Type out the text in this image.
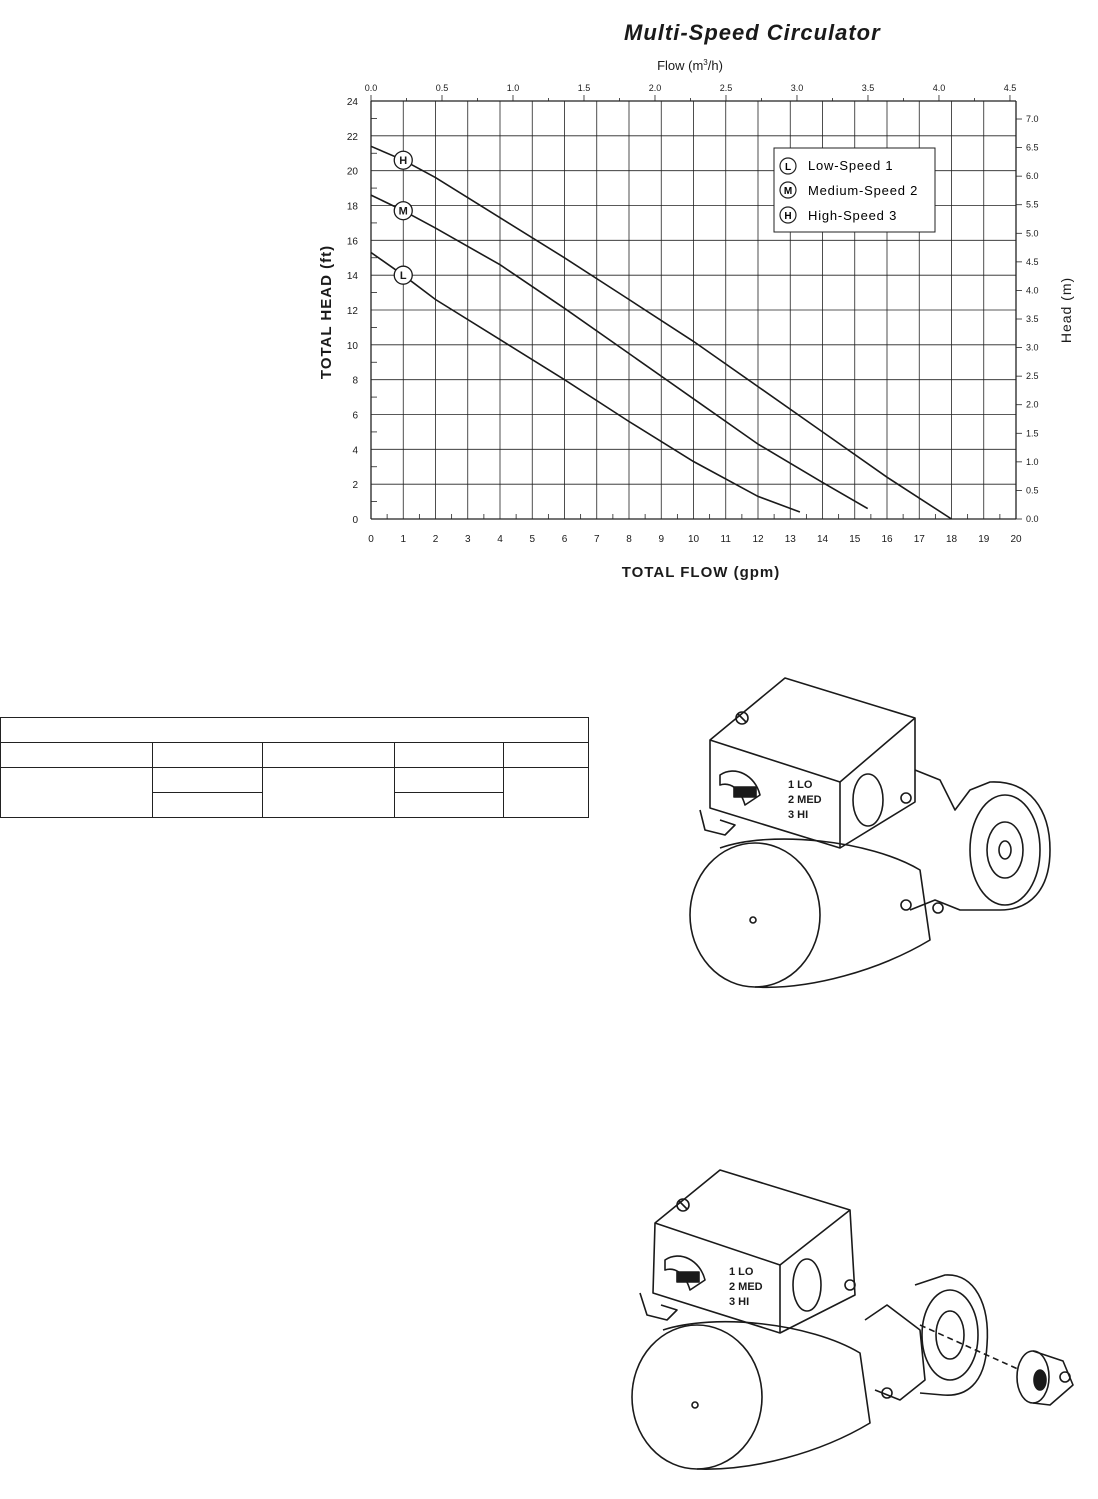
Multi-Speed Circulator
0	1	2	3	4	5	6	7	8	9 10 11 12 13 14 15 16 17 18 19 20
0
2
4
6
8
10
12
14
16
18
20
22
24
0.0	0.5	1.0	1.5	2.0	2.5	3.0	3.5	4.0	4.5
0.0
0.5
1.0
1.5
2.0
2.5
3.0
3.5
4.0
4.5
5.0
5.5
6.0
6.5
7.0
H
M
L
TOTAL FLOW (gpm)
Flow $(m^3/h)$
TOTAL HEAD (ft)	Head (m)
L Low-Speed 1
M Medium-Speed 2
H High-Speed 3

1 LO
2 MED
3 HI
1 LO
2 MED
3 HI
